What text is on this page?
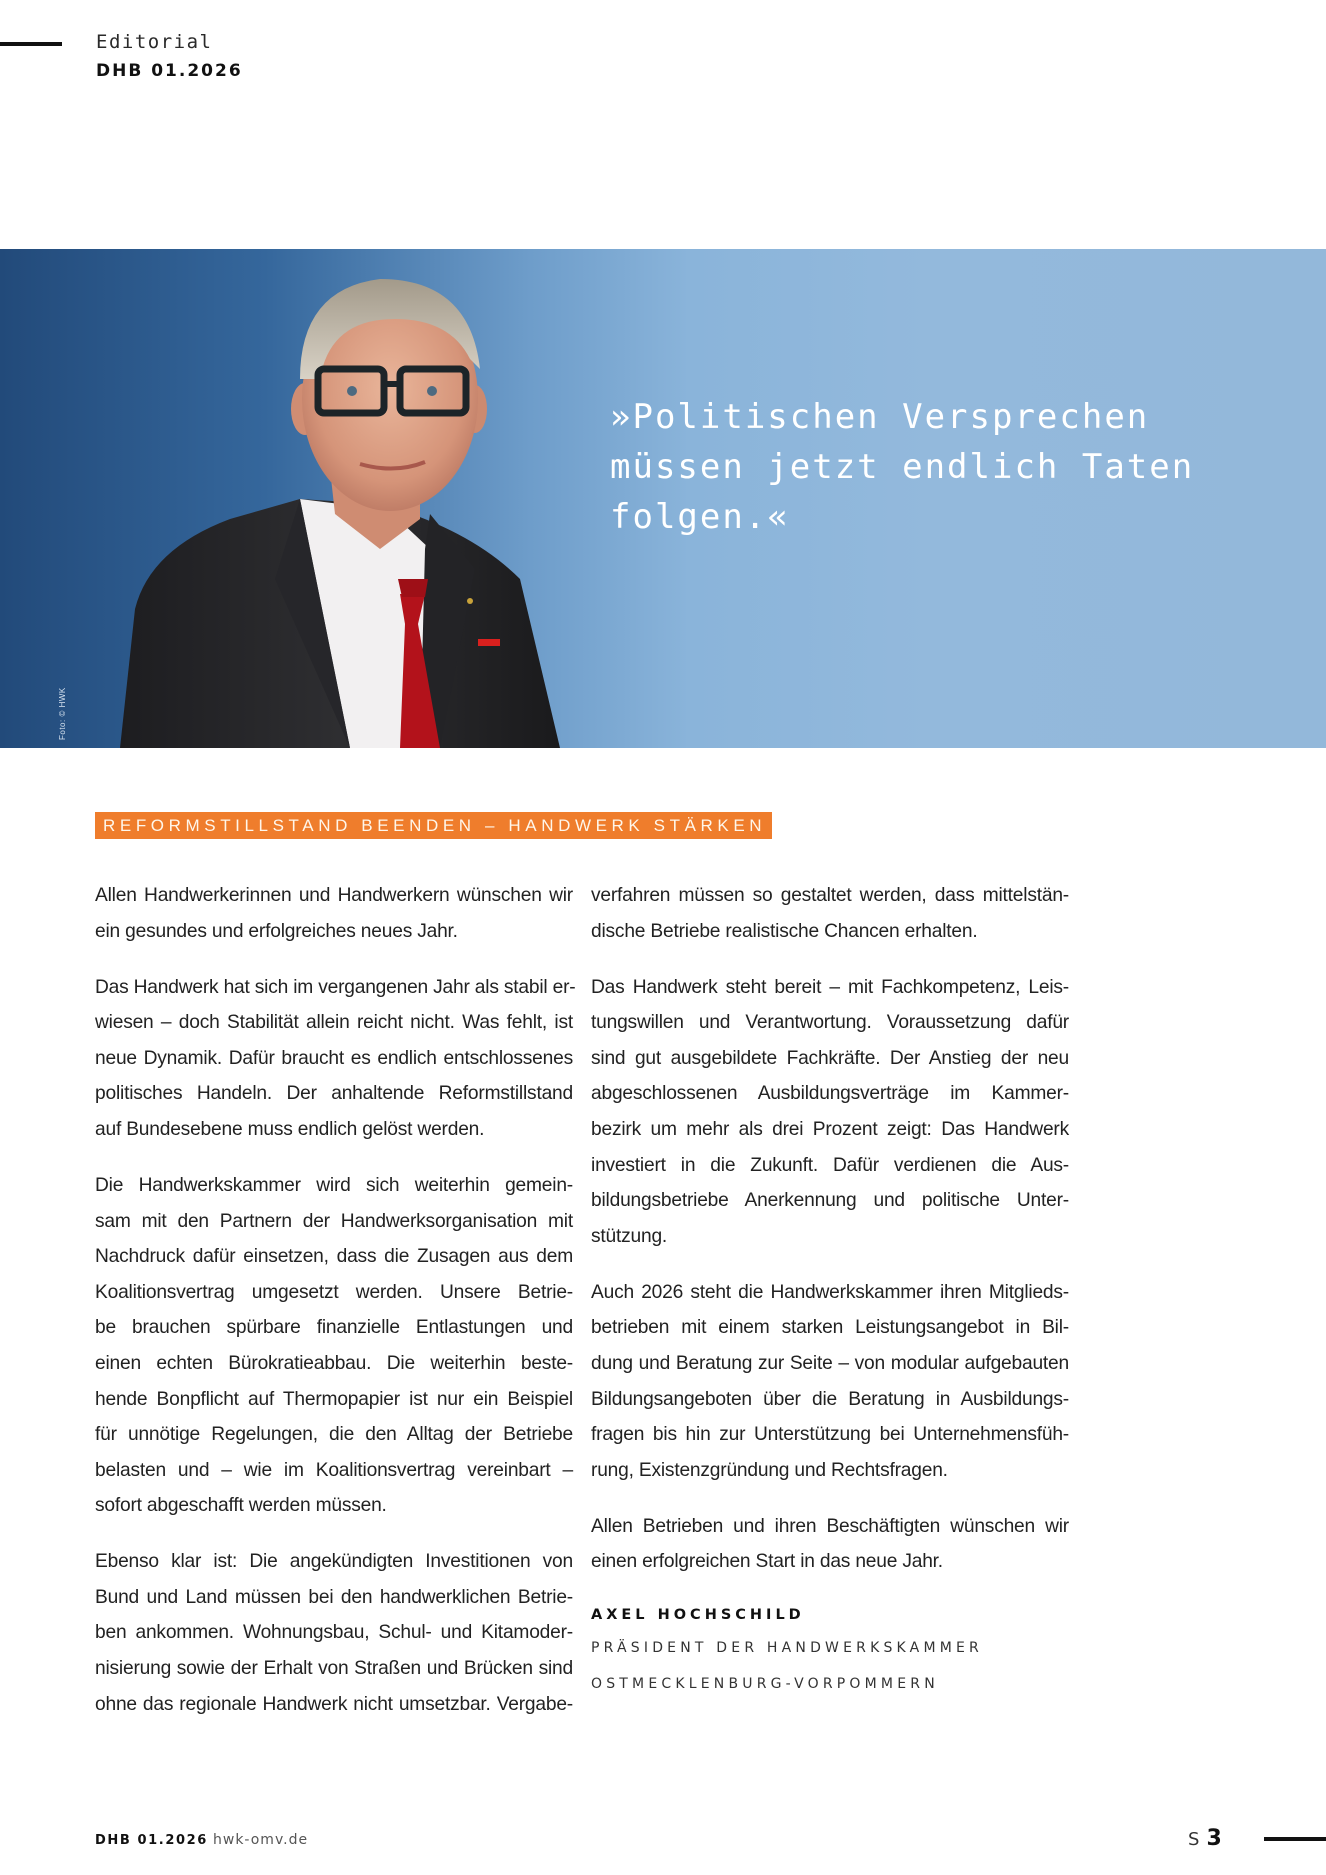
Editorial
DHB 01.2026
Foto: © HWK
»Politischen Versprechen
müssen jetzt endlich Taten
folgen.«
REFORMSTILLSTAND BEENDEN – HANDWERK STÄRKEN

Allen Handwerkerinnen und Handwerkern wünschen wir
ein gesundes und erfolgreiches neues Jahr.

Das Handwerk hat sich im vergangenen Jahr als stabil er-
wiesen – doch Stabilität allein reicht nicht. Was fehlt, ist
neue Dynamik. Dafür braucht es endlich entschlossenes
politisches Handeln. Der anhaltende Reformstillstand
auf Bundesebene muss endlich gelöst werden.

Die Handwerkskammer wird sich weiterhin gemein-
sam mit den Partnern der Handwerksorganisation mit
Nachdruck dafür einsetzen, dass die Zusagen aus dem
Koalitionsvertrag umgesetzt werden. Unsere Betrie-
be brauchen spürbare finanzielle Entlastungen und
einen echten Bürokratieabbau. Die weiterhin beste-
hende Bonpflicht auf Thermopapier ist nur ein Beispiel
für unnötige Regelungen, die den Alltag der Betriebe
belasten und – wie im Koalitionsvertrag vereinbart –
sofort abgeschafft werden müssen.

Ebenso klar ist: Die angekündigten Investitionen von
Bund und Land müssen bei den handwerklichen Betrie-
ben ankommen. Wohnungsbau, Schul- und Kitamoder-
nisierung sowie der Erhalt von Straßen und Brücken sind
ohne das regionale Handwerk nicht umsetzbar. Vergabe-

verfahren müssen so gestaltet werden, dass mittelstän-
dische Betriebe realistische Chancen erhalten.

Das Handwerk steht bereit – mit Fachkompetenz, Leis-
tungswillen und Verantwortung. Voraussetzung dafür
sind gut ausgebildete Fachkräfte. Der Anstieg der neu
abgeschlossenen Ausbildungsverträge im Kammer-
bezirk um mehr als drei Prozent zeigt: Das Handwerk
investiert in die Zukunft. Dafür verdienen die Aus-
bildungsbetriebe Anerkennung und politische Unter-
stützung.

Auch 2026 steht die Handwerkskammer ihren Mitglieds-
betrieben mit einem starken Leistungsangebot in Bil-
dung und Beratung zur Seite – von modular aufgebauten
Bildungsangeboten über die Beratung in Ausbildungs-
fragen bis hin zur Unterstützung bei Unternehmensfüh-
rung, Existenzgründung und Rechtsfragen.

Allen Betrieben und ihren Beschäftigten wünschen wir
einen erfolgreichen Start in das neue Jahr.

AXEL HOCHSCHILD
PRÄSIDENT DER HANDWERKSKAMMER
OSTMECKLENBURG-VORPOMMERN
DHB 01.2026 hwk-omv.de	S 3
